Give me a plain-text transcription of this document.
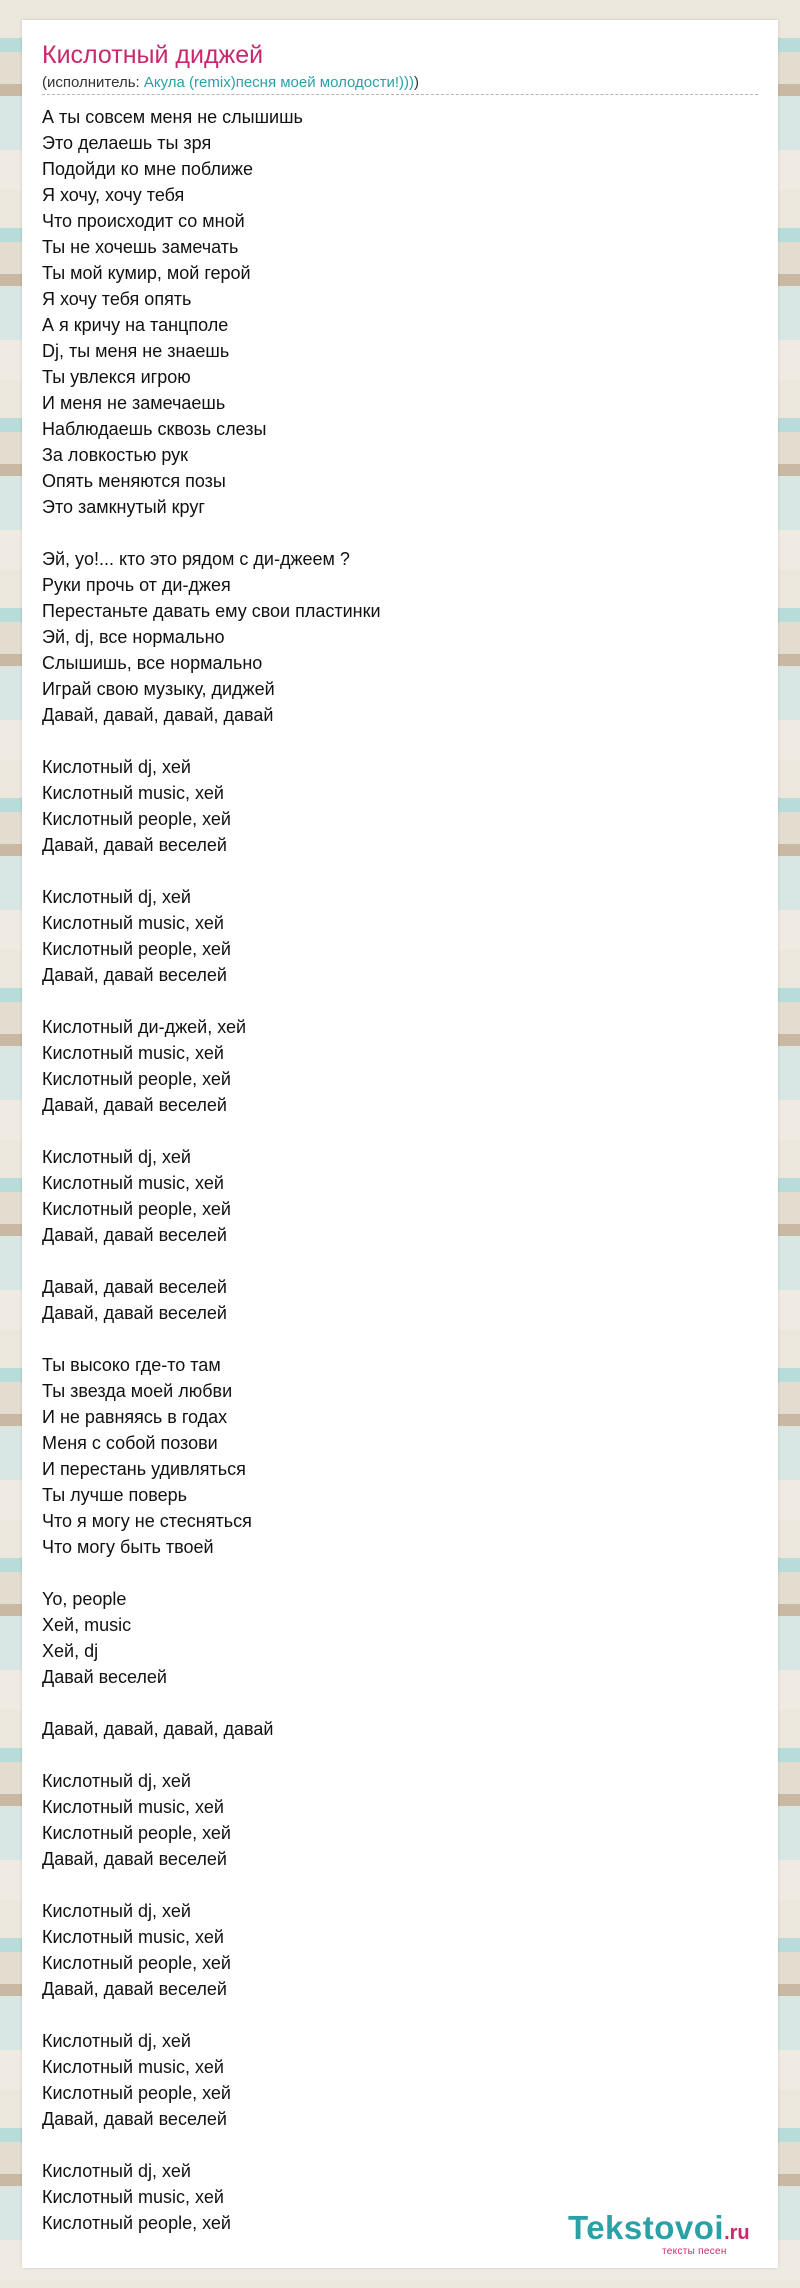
Кислотный диджей
(исполнитель: Акула (remix)песня моей молодости!))))
А ты совсем меня не слышишь
Это делаешь ты зря
Подойди ко мне поближе
Я хочу, хочу тебя
Что происходит со мной
Ты не хочешь замечать
Ты мой кумир, мой герой
Я хочу тебя опять
А я кричу на танцполе
Dj, ты меня не знаешь
Ты увлекся игрою
И меня не замечаешь
Наблюдаешь сквозь слезы
За ловкостью рук
Опять меняются позы
Это замкнутый круг
Эй, yo!... кто это рядом с ди-джеем ?
Руки прочь от ди-джея
Перестаньте давать ему свои пластинки
Эй, dj, все нормально
Слышишь, все нормально
Играй свою музыку, диджей
Давай, давай, давай, давай
Кислотный dj, хей
Кислотный music, хей
Кислотный people, хей
Давай, давай веселей
Кислотный dj, хей
Кислотный music, хей
Кислотный people, хей
Давай, давай веселей
Кислотный ди-джей, хей
Кислотный music, хей
Кислотный people, хей
Давай, давай веселей
Кислотный dj, хей
Кислотный music, хей
Кислотный people, хей
Давай, давай веселей
Давай, давай веселей
Давай, давай веселей
Ты высоко где-то там
Ты звезда моей любви
И не равняясь в годах
Меня с собой позови
И перестань удивляться
Ты лучше поверь
Что я могу не стесняться
Что могу быть твоей
Yo, people
Хей, music
Хей, dj
Давай веселей
Давай, давай, давай, давай
Кислотный dj, хей
Кислотный music, хей
Кислотный people, хей
Давай, давай веселей
Кислотный dj, хей
Кислотный music, хей
Кислотный people, хей
Давай, давай веселей
Кислотный dj, хей
Кислотный music, хей
Кислотный people, хей
Давай, давай веселей
Кислотный dj, хей
Кислотный music, хей
Кислотный people, хей	Tekstovoi.ru
тексты песен
